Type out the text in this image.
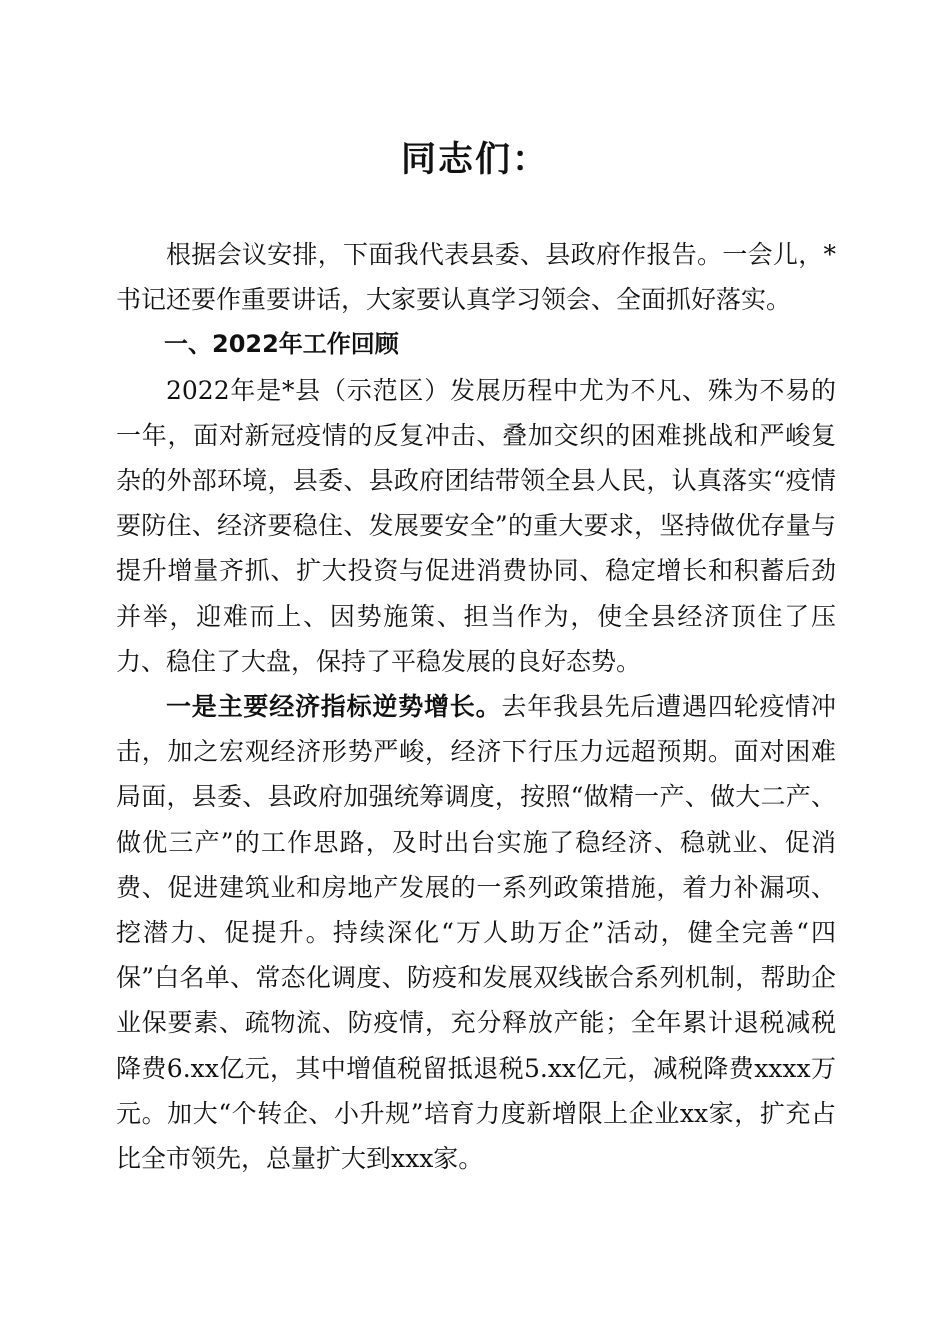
同志们：

根据会议安排，下面我代表县委、县政府作报告。一会儿，*书记还要作重要讲话，大家要认真学习领会、全面抓好落实。

一、2022年工作回顾

2022年是*县（示范区）发展历程中尤为不凡、殊为不易的一年，面对新冠疫情的反复冲击、叠加交织的困难挑战和严峻复杂的外部环境，县委、县政府团结带领全县人民，认真落实“疫情要防住、经济要稳住、发展要安全”的重大要求，坚持做优存量与提升增量齐抓、扩大投资与促进消费协同、稳定增长和积蓄后劲并举，迎难而上、因势施策、担当作为，使全县经济顶住了压力、稳住了大盘，保持了平稳发展的良好态势。

一是主要经济指标逆势增长。去年我县先后遭遇四轮疫情冲击，加之宏观经济形势严峻，经济下行压力远超预期。面对困难局面，县委、县政府加强统筹调度，按照“做精一产、做大二产、做优三产”的工作思路，及时出台实施了稳经济、稳就业、促消费、促进建筑业和房地产发展的一系列政策措施，着力补漏项、挖潜力、促提升。持续深化“万人助万企”活动，健全完善“四保”白名单、常态化调度、防疫和发展双线嵌合系列机制，帮助企业保要素、疏物流、防疫情，充分释放产能；全年累计退税减税降费6.xx亿元，其中增值税留抵退税5.xx亿元，减税降费xxxx万元。加大“个转企、小升规”培育力度新增限上企业xx家，扩充占比全市领先，总量扩大到xxx家。
